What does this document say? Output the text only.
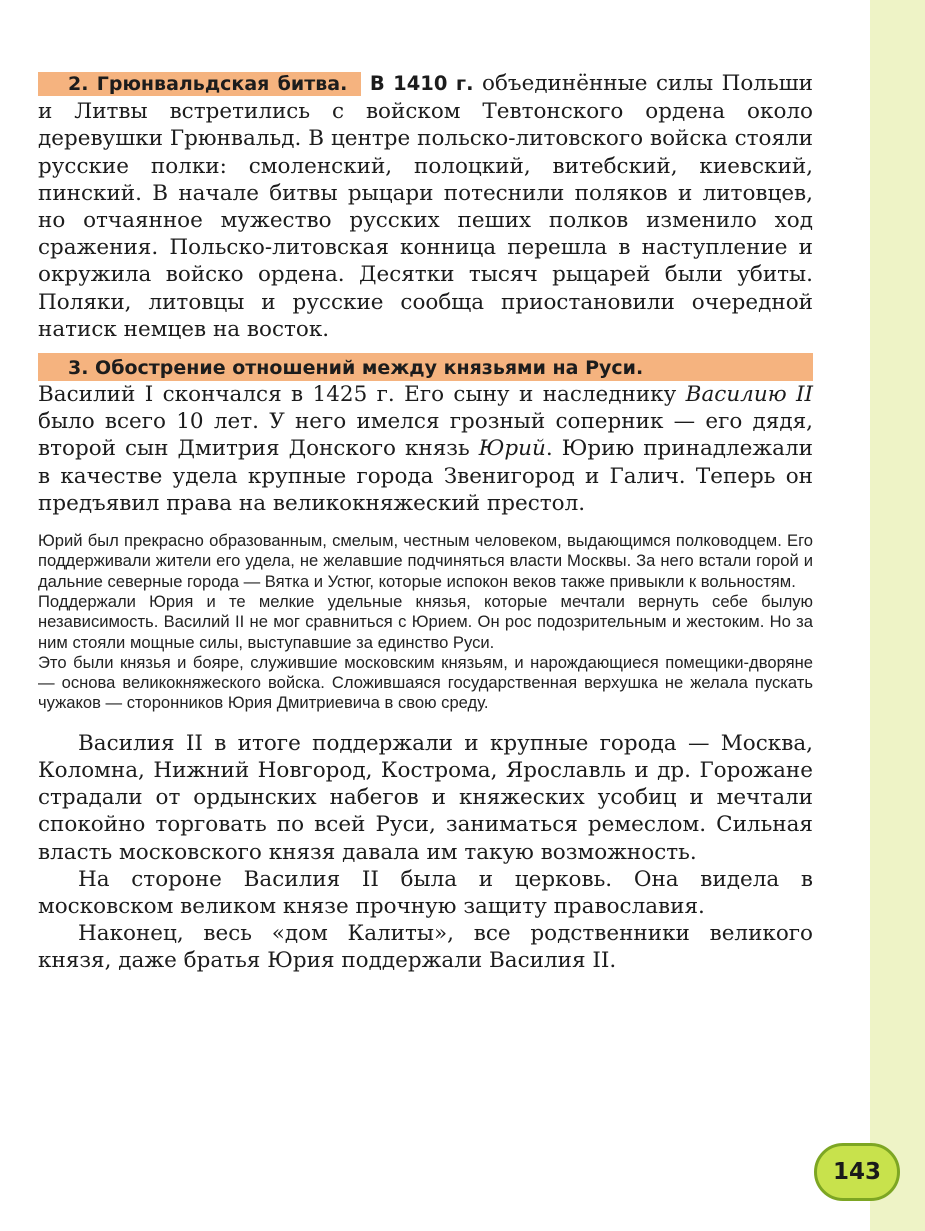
2. Грюнвальдская битва. В 1410 г. объединённые силы Польши и Литвы встретились с войском Тевтонского ордена около деревушки Грюнвальд. В центре польско-литовского войска стояли русские полки: смоленский, полоцкий, витебский, киевский, пинский. В начале битвы рыцари потеснили поляков и литовцев, но отчаянное мужество русских пеших полков изменило ход сражения. Польско-литовская конница перешла в наступление и окружила войско ордена. Десятки тысяч рыцарей были убиты. Поляки, литовцы и русские сообща приостановили очередной натиск немцев на восток.

3. Обострение отношений между князьями на Руси.

Василий I скончался в 1425 г. Его сыну и наследнику Василию II было всего 10 лет. У него имелся грозный соперник — его дядя, второй сын Дмитрия Донского князь Юрий. Юрию принадлежали в качестве удела крупные города Звенигород и Галич. Теперь он предъявил права на великокняжеский престол.

Юрий был прекрасно образованным, смелым, честным человеком, выдающимся полководцем. Его поддерживали жители его удела, не желавшие подчиняться власти Москвы. За него встали горой и дальние северные города — Вятка и Устюг, которые испокон веков также привыкли к вольностям.

Поддержали Юрия и те мелкие удельные князья, которые мечтали вернуть себе былую независимость. Василий II не мог сравниться с Юрием. Он рос подозрительным и жестоким. Но за ним стояли мощные силы, выступавшие за единство Руси.

Это были князья и бояре, служившие московским князьям, и нарождающиеся помещики-дворяне — основа великокняжеского войска. Сложившаяся государственная верхушка не желала пускать чужаков — сторонников Юрия Дмитриевича в свою среду.

Василия II в итоге поддержали и крупные города — Москва, Коломна, Нижний Новгород, Кострома, Ярославль и др. Горожане страдали от ордынских набегов и княжеских усобиц и мечтали спокойно торговать по всей Руси, заниматься ремеслом. Сильная власть московского князя давала им такую возможность.

На стороне Василия II была и церковь. Она видела в московском великом князе прочную защиту православия.

Наконец, весь «дом Калиты», все родственники великого князя, даже братья Юрия поддержали Василия II.

143
